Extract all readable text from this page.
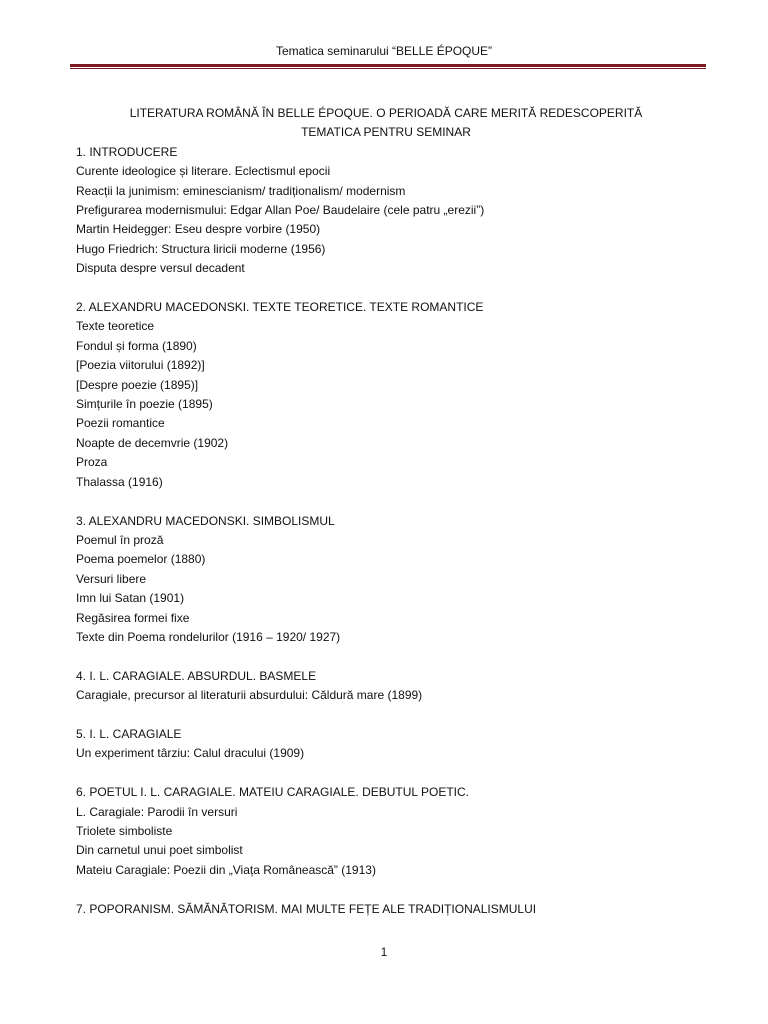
Tematica seminarului “BELLE ÉPOQUE”
LITERATURA ROMÂNĂ ÎN BELLE ÉPOQUE. O PERIOADĂ CARE MERITĂ REDESCOPERITĂ
TEMATICA PENTRU SEMINAR
1. INTRODUCERE
Curente ideologice și literare. Eclectismul epocii
Reacții la junimism: eminescianism/ tradiționalism/ modernism
Prefigurarea modernismului: Edgar Allan Poe/ Baudelaire (cele patru „erezii”)
Martin Heidegger: Eseu despre vorbire (1950)
Hugo Friedrich: Structura liricii moderne (1956)
Disputa despre versul decadent
2. ALEXANDRU MACEDONSKI. TEXTE TEORETICE. TEXTE ROMANTICE
Texte teoretice
Fondul și forma (1890)
[Poezia viitorului (1892)]
[Despre poezie (1895)]
Simțurile în poezie (1895)
Poezii romantice
Noapte de decemvrie (1902)
Proza
Thalassa (1916)
3. ALEXANDRU MACEDONSKI. SIMBOLISMUL
Poemul în proză
Poema poemelor (1880)
Versuri libere
Imn lui Satan (1901)
Regăsirea formei fixe
Texte din Poema rondelurilor (1916 – 1920/ 1927)
4. I. L. CARAGIALE. ABSURDUL. BASMELE
Caragiale, precursor al literaturii absurdului: Căldură mare (1899)
5. I. L. CARAGIALE
Un experiment târziu: Calul dracului (1909)
6. POETUL I. L. CARAGIALE. MATEIU CARAGIALE. DEBUTUL POETIC.
L. Caragiale: Parodii în versuri
Triolete simboliste
Din carnetul unui poet simbolist
Mateiu Caragiale: Poezii din „Viața Românească” (1913)
7. POPORANISM. SĂMĂNĂTORISM. MAI MULTE FEȚE ALE TRADIȚIONALISMULUI
1
